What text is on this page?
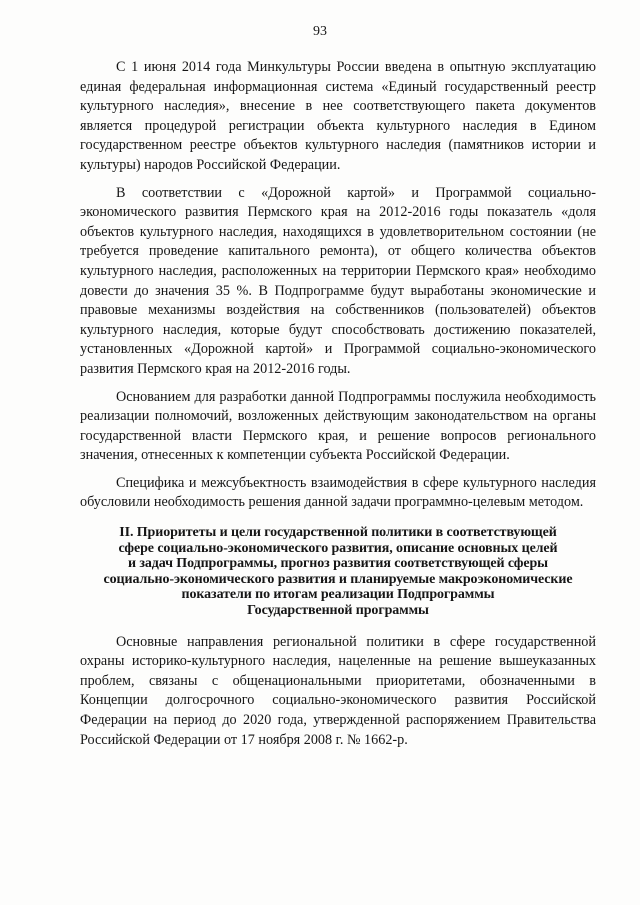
93

С 1 июня 2014 года Минкультуры России введена в опытную эксплуатацию единая федеральная информационная система «Единый государственный реестр культурного наследия», внесение в нее соответствующего пакета документов является процедурой регистрации объекта культурного наследия в Едином государственном реестре объектов культурного наследия (памятников истории и культуры) народов Российской Федерации.

В соответствии с «Дорожной картой» и Программой социально-экономического развития Пермского края на 2012-2016 годы показатель «доля объектов культурного наследия, находящихся в удовлетворительном состоянии (не требуется проведение капитального ремонта), от общего количества объектов культурного наследия, расположенных на территории Пермского края» необходимо довести до значения 35 %. В Подпрограмме будут выработаны экономические и правовые механизмы воздействия на собственников (пользователей) объектов культурного наследия, которые будут способствовать достижению показателей, установленных «Дорожной картой» и Программой социально-экономического развития Пермского края на 2012-2016 годы.

Основанием для разработки данной Подпрограммы послужила необходимость реализации полномочий, возложенных действующим законодательством на органы государственной власти Пермского края, и решение вопросов регионального значения, отнесенных к компетенции субъекта Российской Федерации.

Специфика и межсубъектность взаимодействия в сфере культурного наследия обусловили необходимость решения данной задачи программно-целевым методом.

II. Приоритеты и цели государственной политики в соответствующей
сфере социально-экономического развития, описание основных целей
и задач Подпрограммы, прогноз развития соответствующей сферы
социально-экономического развития и планируемые макроэкономические
показатели по итогам реализации Подпрограммы
Государственной программы

Основные направления региональной политики в сфере государственной охраны историко-культурного наследия, нацеленные на решение вышеуказанных проблем, связаны с общенациональными приоритетами, обозначенными в Концепции долгосрочного социально-экономического развития Российской Федерации на период до 2020 года, утвержденной распоряжением Правительства Российской Федерации от 17 ноября 2008 г. № 1662-р.
